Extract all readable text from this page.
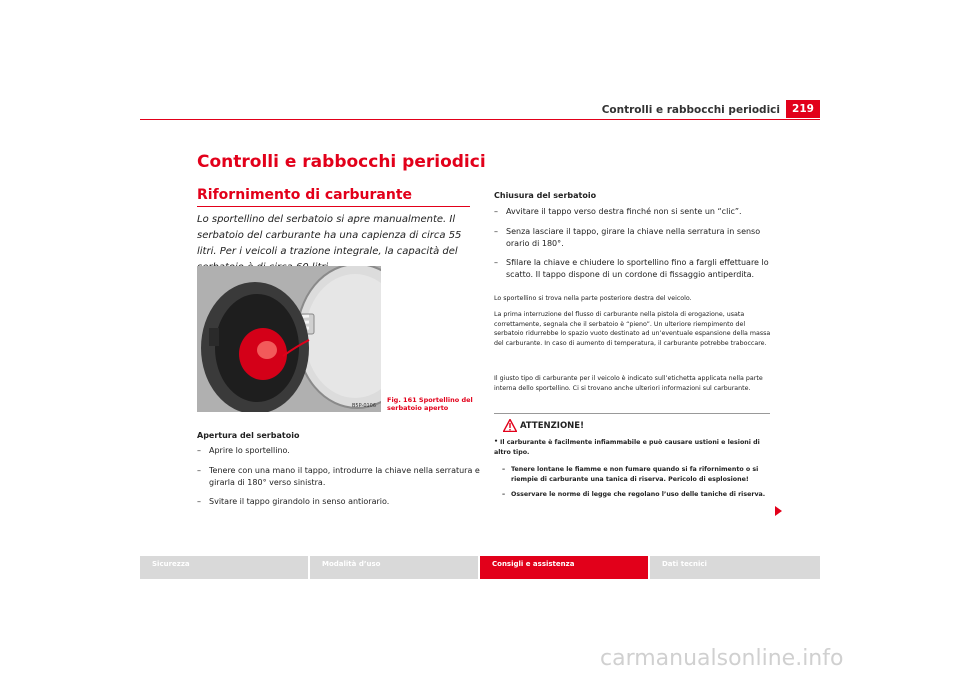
Controlli e rabbocchi periodici	219
Controlli e rabbocchi periodici
Rifornimento di carburante
Lo sportellino del serbatoio si apre manualmente. Il serbatoio del carburante ha una capienza di circa 55 litri. Per i veicoli a trazione integrale, la capacità del
B5P-0106
Fig. 161 Sportellino del serbatoio aperto
Apertura del serbatoio
– Aprire lo sportellino.
– Tenere con una mano il tappo, introdurre la chiave nella serratura e girarla di 180° verso sinistra.
– Svitare il tappo girandolo in senso antiorario.
Chiusura del serbatoio
– Avvitare il tappo verso destra finché non si sente un “clic”.
– Senza lasciare il tappo, girare la chiave nella serratura in senso orario di 180°.
– Sfilare la chiave e chiudere lo sportellino fino a fargli effettuare lo scatto. Il tappo dispone di un cordone di fissaggio antiperdita.
Lo sportellino si trova nella parte posteriore destra del veicolo.
La prima interruzione del flusso di carburante nella pistola di erogazione, usata correttamente, segnala che il serbatoio è “pieno”. Un ulteriore riempimento del serbatoio ridurrebbe lo spazio vuoto destinato ad un’eventuale espansione della massa del carburante. In caso di aumento di temperatura, il carburante potrebbe traboccare.
Il giusto tipo di carburante per il veicolo è indicato sull’etichetta applicata nella parte interna dello sportellino. Ci si trovano anche ulteriori informazioni sul carburante.
ATTENZIONE!
• Il carburante è facilmente infiammabile e può causare ustioni e lesioni di altro tipo.
– Tenere lontane le fiamme e non fumare quando si fa rifornimento o si riempie di carburante una tanica di riserva. Pericolo di esplosione!
– Osservare le norme di legge che regolano l’uso delle taniche di riserva.
Sicurezza	Modalità d’uso	Consigli e assistenza	Dati tecnici
carmanualsonline.info
